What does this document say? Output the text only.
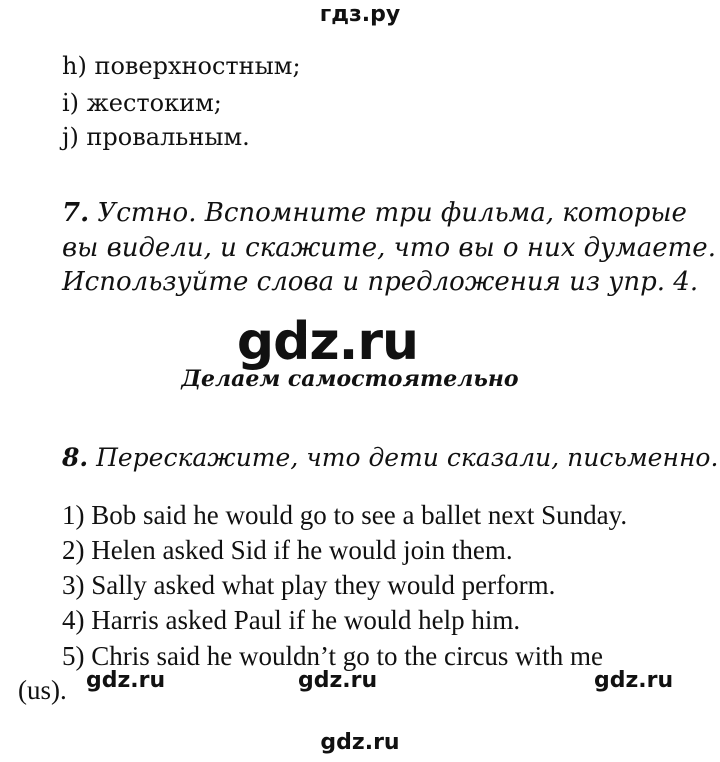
гдз.ру
h) поверхностным;
i) жестоким;
j) провальным.
7. Устно. Вспомните три фильма, которые
вы видели, и скажите, что вы о них думаете.
Используйте слова и предложения из упр. 4.
gdz.ru
Делаем самостоятельно
8. Перескажите, что дети сказали, письменно.
1) Bob said he would go to see a ballet next Sunday.
2) Helen asked Sid if he would join them.
3) Sally asked what play they would perform.
4) Harris asked Paul if he would help him.
5) Chris said he wouldn’t go to the circus with me
(us). gdz.ru	gdz.ru	gdz.ru
gdz.ru
